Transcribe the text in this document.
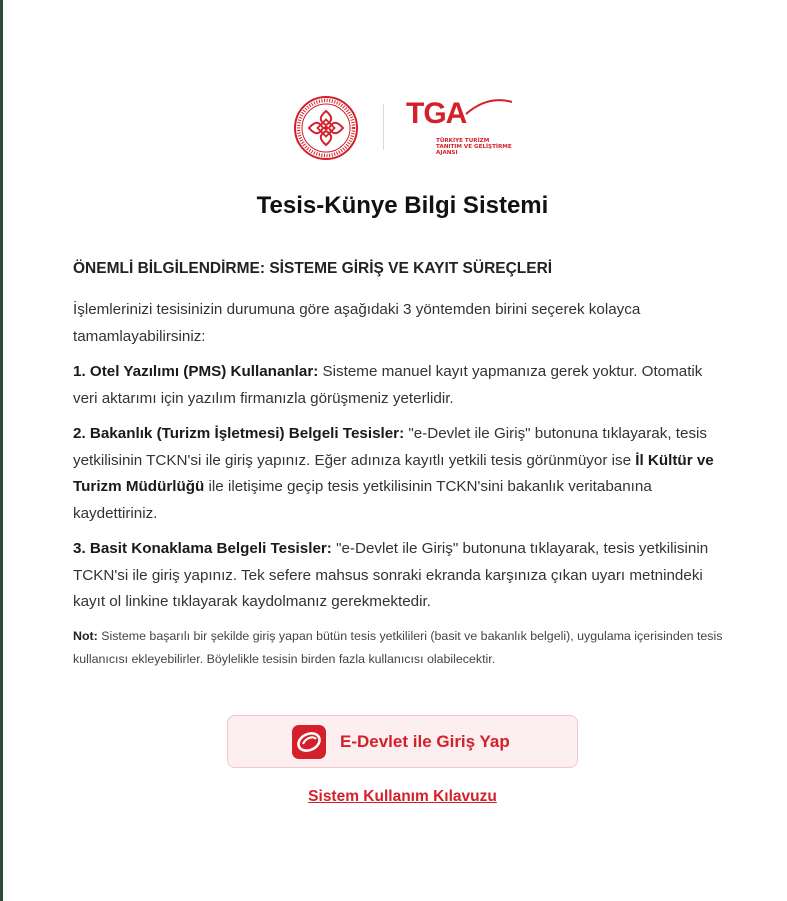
TGA
TÜRKİYE TURİZM
TANITIM VE GELİŞTİRME
AJANSI
Tesis-Künye Bilgi Sistemi
ÖNEMLİ BİLGİLENDİRME: SİSTEME GİRİŞ VE KAYIT SÜREÇLERİ

İşlemlerinizi tesisinizin durumuna göre aşağıdaki 3 yöntemden birini seçerek kolayca tamamlayabilirsiniz:

1. Otel Yazılımı (PMS) Kullananlar: Sisteme manuel kayıt yapmanıza gerek yoktur. Otomatik veri aktarımı için yazılım firmanızla görüşmeniz yeterlidir.

2. Bakanlık (Turizm İşletmesi) Belgeli Tesisler: "e-Devlet ile Giriş" butonuna tıklayarak, tesis yetkilisinin TCKN'si ile giriş yapınız. Eğer adınıza kayıtlı yetkili tesis görünmüyor ise İl Kültür ve Turizm Müdürlüğü ile iletişime geçip tesis yetkilisinin TCKN'sini bakanlık veritabanına kaydettiriniz.

3. Basit Konaklama Belgeli Tesisler: "e-Devlet ile Giriş" butonuna tıklayarak, tesis yetkilisinin TCKN'si ile giriş yapınız. Tek sefere mahsus sonraki ekranda karşınıza çıkan uyarı metnindeki kayıt ol linkine tıklayarak kaydolmanız gerekmektedir.

Not: Sisteme başarılı bir şekilde giriş yapan bütün tesis yetkilileri (basit ve bakanlık belgeli), uygulama içerisinden tesis kullanıcısı ekleyebilirler. Böylelikle tesisin birden fazla kullanıcısı olabilecektir.

E-Devlet ile Giriş Yap
Sistem Kullanım Kılavuzu
